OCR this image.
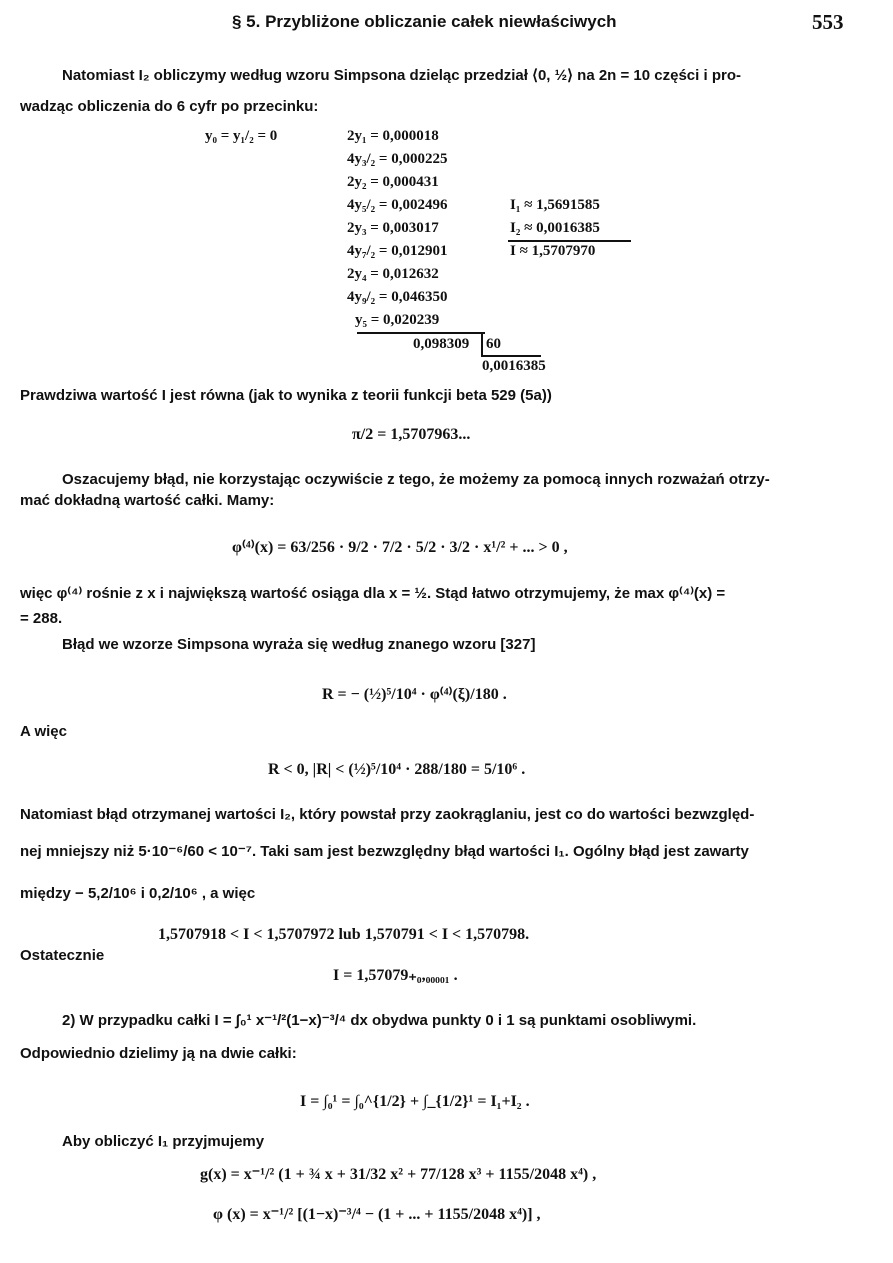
§ 5. Przybliżone obliczanie całek niewłaściwych	553
Natomiast I₂ obliczymy według wzoru Simpsona dzieląc przedział ⟨0, ½⟩ na 2n = 10 części i pro-
wadząc obliczenia do 6 cyfr po przecinku:
y₀ = y₁/₂ = 0	2y₁ = 0,000018
4y₃/₂ = 0,000225
2y₂ = 0,000431
4y₅/₂ = 0,002496
2y₃ = 0,003017
4y₇/₂ = 0,012901
2y₄ = 0,012632
4y₉/₂ = 0,046350
y₅ = 0,020239
0,098309 60
0,0016385
I₁ ≈ 1,5691585
I₂ ≈ 0,0016385
I ≈ 1,5707970
Prawdziwa wartość I jest równa (jak to wynika z teorii funkcji beta 529 (5a))
π/2 = 1,5707963...
Oszacujemy błąd, nie korzystając oczywiście z tego, że możemy za pomocą innych rozważań otrzy-
mać dokładną wartość całki. Mamy:
φ⁽⁴⁾(x) = 63/256 · 9/2 · 7/2 · 5/2 · 3/2 · x¹/² + ... > 0 ,
więc φ⁽⁴⁾ rośnie z x i największą wartość osiąga dla x = ½. Stąd łatwo otrzymujemy, że max φ⁽⁴⁾(x) =
= 288.
Błąd we wzorze Simpsona wyraża się według znanego wzoru [327]
R = − (½)⁵/10⁴ · φ⁽⁴⁾(ξ)/180 .
A więc
R < 0, |R| < (½)⁵/10⁴ · 288/180 = 5/10⁶ .
Natomiast błąd otrzymanej wartości I₂, który powstał przy zaokrąglaniu, jest co do wartości bezwzględ-
nej mniejszy niż 5·10⁻⁶/60 < 10⁻⁷. Taki sam jest bezwzględny błąd wartości I₁. Ogólny błąd jest zawarty
między − 5,2/10⁶ i 0,2/10⁶ , a więc
1,5707918 < I < 1,5707972 lub 1,570791 < I < 1,570798.
Ostatecznie
I = 1,57079₊₀,₀₀₀₀₁ .
2) W przypadku całki I = ∫₀¹ x⁻¹/²(1−x)⁻³/⁴ dx obydwa punkty 0 i 1 są punktami osobliwymi.
Odpowiednio dzielimy ją na dwie całki:
I = ∫₀¹ = ∫₀^{1/2} + ∫_{1/2}¹ = I₁+I₂ .
Aby obliczyć I₁ przyjmujemy
g(x) = x⁻¹/² (1 + ¾ x + 31/32 x² + 77/128 x³ + 1155/2048 x⁴) ,
φ (x) = x⁻¹/² [(1−x)⁻³/⁴ − (1 + ... + 1155/2048 x⁴)] ,
